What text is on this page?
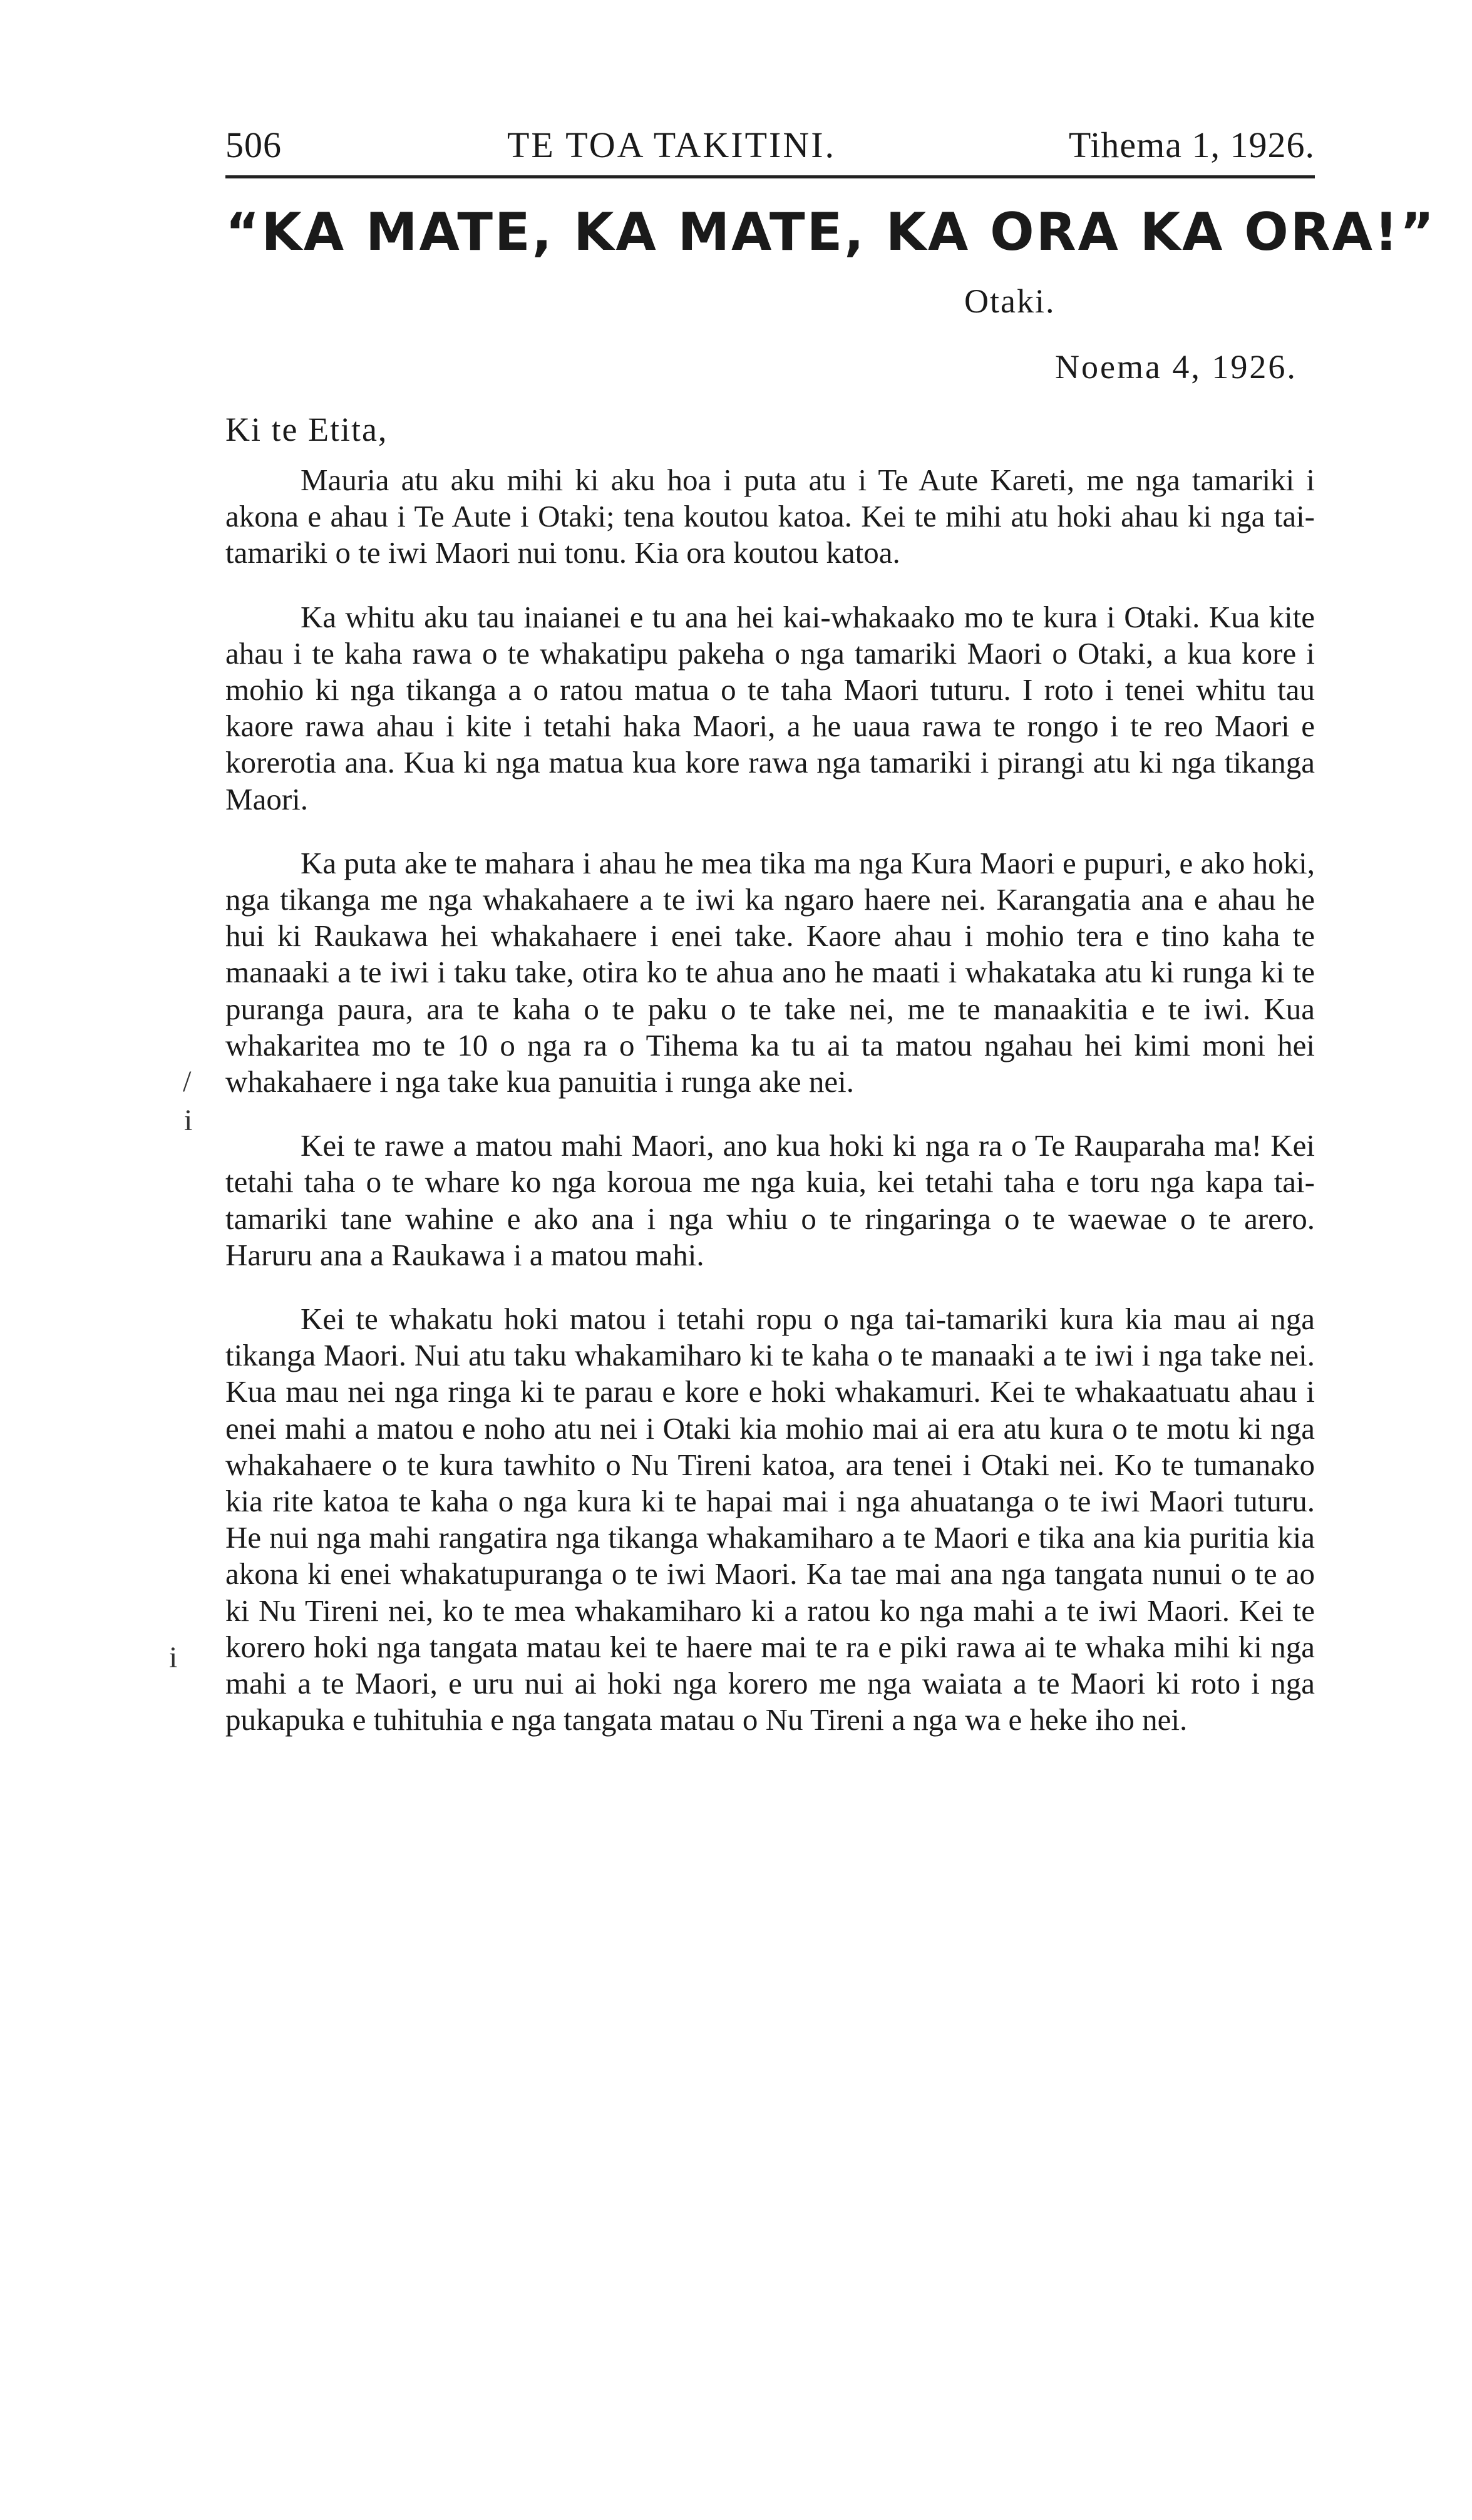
506	TE TOA TAKITINI.	Tihema 1, 1926.
“KA MATE, KA MATE, KA ORA KA ORA!”
Otaki.
Noema 4, 1926.
Ki te Etita,

Mauria atu aku mihi ki aku hoa i puta atu i Te Aute Kareti, me nga tamariki i akona e ahau i Te Aute i Otaki; tena koutou katoa. Kei te mihi atu hoki ahau ki nga tai-tamariki o te iwi Maori nui tonu. Kia ora koutou katoa.

Ka whitu aku tau inaianei e tu ana hei kai-whakaako mo te kura i Otaki. Kua kite ahau i te kaha rawa o te whakatipu pakeha o nga tamariki Maori o Otaki, a kua kore i mohio ki nga tikanga a o ratou matua o te taha Maori tuturu. I roto i tenei whitu tau kaore rawa ahau i kite i tetahi haka Maori, a he uaua rawa te rongo i te reo Maori e korerotia ana. Kua ki nga matua kua kore rawa nga tamariki i pirangi atu ki nga tikanga Maori.

Ka puta ake te mahara i ahau he mea tika ma nga Kura Maori e pupuri, e ako hoki, nga tikanga me nga whakahaere a te iwi ka ngaro haere nei. Karangatia ana e ahau he hui ki Raukawa hei whakahaere i enei take. Kaore ahau i mohio tera e tino kaha te manaaki a te iwi i taku take, otira ko te ahua ano he maati i whakataka atu ki runga ki te puranga paura, ara te kaha o te paku o te take nei, me te manaakitia e te iwi. Kua whakaritea mo te 10 o nga ra o Tihema ka tu ai ta matou ngahau hei kimi moni hei whakahaere i nga take kua panuitia i runga ake nei.

Kei te rawe a matou mahi Maori, ano kua hoki ki nga ra o Te Rauparaha ma! Kei tetahi taha o te whare ko nga koroua me nga kuia, kei tetahi taha e toru nga kapa tai-tamariki tane wahine e ako ana i nga whiu o te ringaringa o te waewae o te arero. Haruru ana a Raukawa i a matou mahi.

Kei te whakatu hoki matou i tetahi ropu o nga tai-tamariki kura kia mau ai nga tikanga Maori. Nui atu taku whakamiharo ki te kaha o te manaaki a te iwi i nga take nei. Kua mau nei nga ringa ki te parau e kore e hoki whakamuri. Kei te whakaatuatu ahau i enei mahi a matou e noho atu nei i Otaki kia mohio mai ai era atu kura o te motu ki nga whakahaere o te kura tawhito o Nu Tireni katoa, ara tenei i Otaki nei. Ko te tumanako kia rite katoa te kaha o nga kura ki te hapai mai i nga ahuatanga o te iwi Maori tuturu. He nui nga mahi rangatira nga tikanga whakamiharo a te Maori e tika ana kia puritia kia akona ki enei whakatupuranga o te iwi Maori. Ka tae mai ana nga tangata nunui o te ao ki Nu Tireni nei, ko te mea whakamiharo ki a ratou ko nga mahi a te iwi Maori. Kei te korero hoki nga tangata matau kei te haere mai te ra e piki rawa ai te whaka mihi ki nga mahi a te Maori, e uru nui ai hoki nga korero me nga waiata a te Maori ki roto i nga pukapuka e tuhituhia e nga tangata matau o Nu Tireni a nga wa e heke iho nei.

/
i
i
